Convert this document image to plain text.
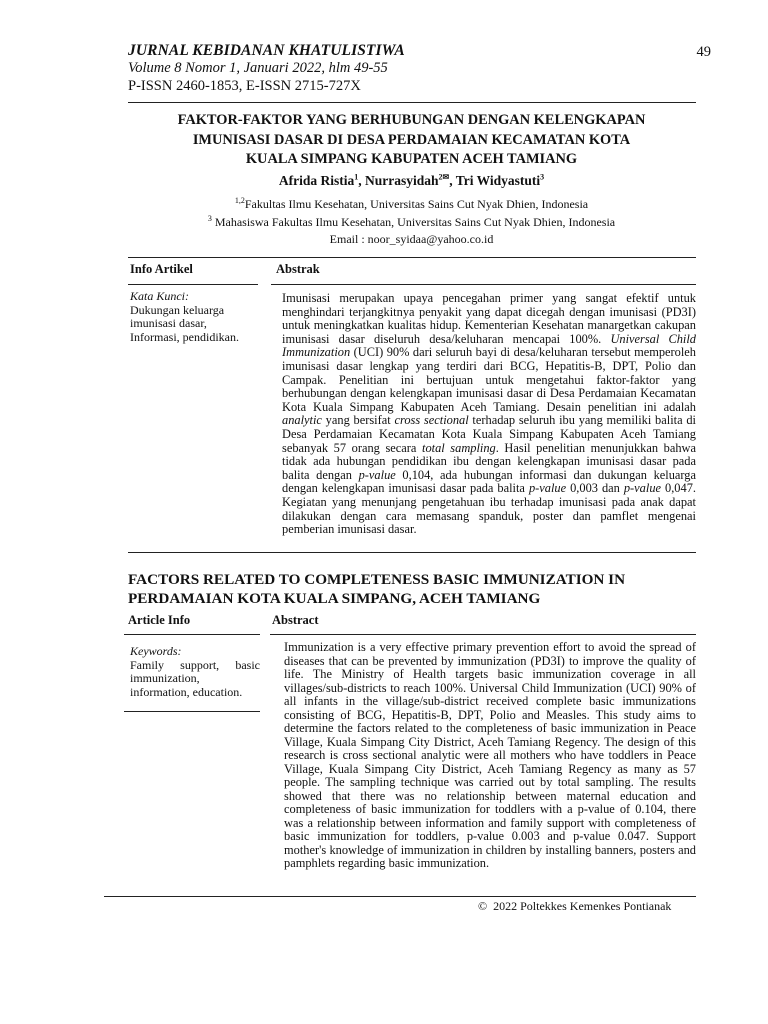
JURNAL KEBIDANAN KHATULISTIWA
Volume 8 Nomor 1, Januari 2022, hlm 49-55
P-ISSN 2460-1853, E-ISSN 2715-727X
49
FAKTOR-FAKTOR YANG BERHUBUNGAN DENGAN KELENGKAPAN
IMUNISASI DASAR DI DESA PERDAMAIAN KECAMATAN KOTA
KUALA SIMPANG KABUPATEN ACEH TAMIANG
Afrida Ristia$^1$, Nurrasyidah$^{2✉}$, Tri Widyastuti$^3$
$^{1,2}$Fakultas Ilmu Kesehatan, Universitas Sains Cut Nyak Dhien, Indonesia
$^3$ Mahasiswa Fakultas Ilmu Kesehatan, Universitas Sains Cut Nyak Dhien, Indonesia
Email : noor_syidaa@yahoo.co.id
Info Artikel	Abstrak
Kata Kunci:
Dukungan keluarga
imunisasi dasar,
Informasi, pendidikan.
Imunisasi merupakan upaya pencegahan primer yang sangat efektif untuk menghindari terjangkitnya penyakit yang dapat dicegah dengan imunisasi (PD3I) untuk meningkatkan kualitas hidup. Kementerian Kesehatan manargetkan cakupan imunisasi dasar diseluruh desa/keluharan mencapai 100%. Universal Child Immunization (UCI) 90% dari seluruh bayi di desa/keluharan tersebut memperoleh imunisasi dasar lengkap yang terdiri dari BCG, Hepatitis-B, DPT, Polio dan Campak. Penelitian ini bertujuan untuk mengetahui faktor-faktor yang berhubungan dengan kelengkapan imunisasi dasar di Desa Perdamaian Kecamatan Kota Kuala Simpang Kabupaten Aceh Tamiang. Desain penelitian ini adalah analytic yang bersifat cross sectional terhadap seluruh ibu yang memiliki balita di Desa Perdamaian Kecamatan Kota Kuala Simpang Kabupaten Aceh Tamiang sebanyak 57 orang secara total sampling. Hasil penelitian menunjukkan bahwa tidak ada hubungan pendidikan ibu dengan kelengkapan imunisasi dasar pada balita dengan p-value 0,104, ada hubungan informasi dan dukungan keluarga dengan kelengkapan imunisasi dasar pada balita p-value 0,003 dan p-value 0,047. Kegiatan yang menunjang pengetahuan ibu terhadap imunisasi pada anak dapat dilakukan dengan cara memasang spanduk, poster dan pamflet mengenai pemberian imunisasi dasar.
FACTORS RELATED TO COMPLETENESS BASIC IMMUNIZATION IN
PERDAMAIAN KOTA KUALA SIMPANG, ACEH TAMIANG
Article Info	Abstract
Keywords:
Family support, basic
immunization,
information, education.
Immunization is a very effective primary prevention effort to avoid the spread of diseases that can be prevented by immunization (PD3I) to improve the quality of life. The Ministry of Health targets basic immunization coverage in all villages/sub-districts to reach 100%. Universal Child Immunization (UCI) 90% of all infants in the village/sub-district received complete basic immunizations consisting of BCG, Hepatitis-B, DPT, Polio and Measles. This study aims to determine the factors related to the completeness of basic immunization in Peace Village, Kuala Simpang City District, Aceh Tamiang Regency. The design of this research is cross sectional analytic were all mothers who have toddlers in Peace Village, Kuala Simpang City District, Aceh Tamiang Regency as many as 57 people. The sampling technique was carried out by total sampling. The results showed that there was no relationship between maternal education and completeness of basic immunization for toddlers with a p-value of 0.104, there was a relationship between information and family support with completeness of basic immunization for toddlers, p-value 0.003 and p-value 0.047. Support mother's knowledge of immunization in children by installing banners, posters and pamphlets regarding basic immunization.
© 2022 Poltekkes Kemenkes Pontianak
